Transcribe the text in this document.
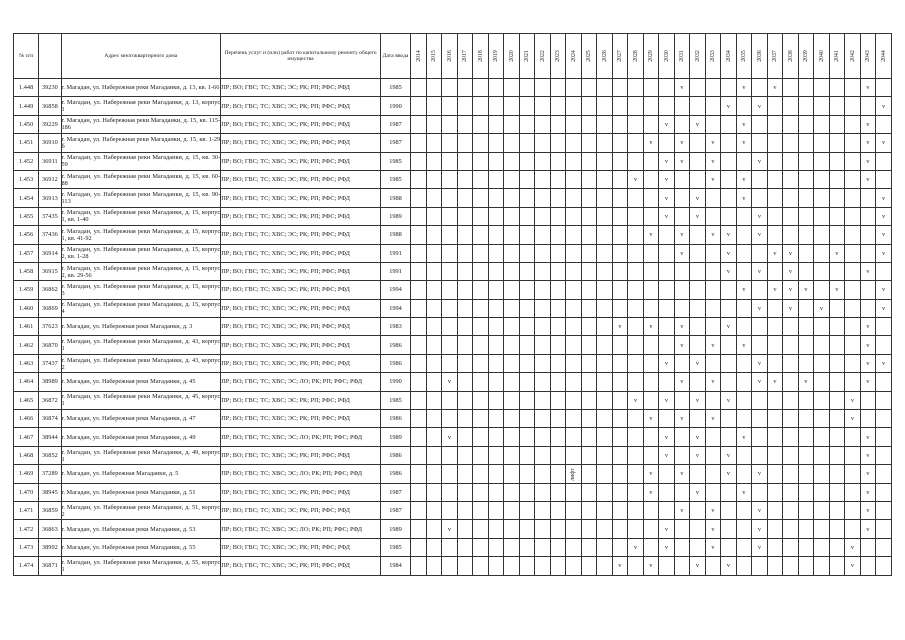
№ п/п		Адрес многоквартирного дома	Перечень услуг и (или) работ по капитальному ремонту общего имущества	Дата ввода	2014	2015	2016	2017	2018	2019	2020	2021	2022	2023	2024	2025	2026	2027	2028	2029	2030	2031	2032	2033	2034	2035	2036	2037	2038	2039	2040	2041	2042	2043	2044
1.448	39230	г. Магадан, ул. Набережная реки Магаданки, д. 13, кв. 1-66	ПР; ВО; ГВС; ТС; ХВС; ЭС; РК; РП; РФС; РФД	1985																		v				v		v						v	
1.449	36858	г. Магадан, ул. Набережная реки Магаданки, д. 13, корпус 1	ПР; ВО; ГВС; ТС; ХВС; ЭС; РК; РП; РФС; РФД	1990																					v		v								v
1.450	39229	г. Магадан, ул. Набережная реки Магаданки, д. 15, кв. 115-186	ПР; ВО; ГВС; ТС; ХВС; ЭС; РК; РП; РФС; РФД	1987																	v		v			v								v	
1.451	36910	г. Магадан, ул. Набережная реки Магаданки, д. 15, кв. 1-29 б	ПР; ВО; ГВС; ТС; ХВС; ЭС; РК; РП; РФС; РФД	1987																v		v		v		v								v	v
1.452	36911	г. Магадан, ул. Набережная реки Магаданки, д. 15, кв. 30-59	ПР; ВО; ГВС; ТС; ХВС; ЭС; РК; РП; РФС; РФД	1985																	v	v		v			v							v	
1.453	36912	г. Магадан, ул. Набережная реки Магаданки, д. 15, кв. 60-88	ПР; ВО; ГВС; ТС; ХВС; ЭС; РК; РП; РФС; РФД	1985															v		v			v		v								v	
1.454	36913	г. Магадан, ул. Набережная реки Магаданки, д. 15, кв. 90-113	ПР; ВО; ГВС; ТС; ХВС; ЭС; РК; РП; РФС; РФД	1988																	v		v			v									v
1.455	37435	г. Магадан, ул. Набережная реки Магаданки, д. 15, корпус 1, кв. 1-40	ПР; ВО; ГВС; ТС; ХВС; ЭС; РК; РП; РФС; РФД	1989																	v		v				v								v
1.456	37436	г. Магадан, ул. Набережная реки Магаданки, д. 15, корпус 1, кв. 41-92	ПР; ВО; ГВС; ТС; ХВС; ЭС; РК; РП; РФС; РФД	1988																v		v		v	v		v								v
1.457	36914	г. Магадан, ул. Набережная реки Магаданки, д. 15, корпус 2, кв. 1-28	ПР; ВО; ГВС; ТС; ХВС; ЭС; РК; РП; РФС; РФД	1991																		v			v			v	v			v			v
1.458	36915	г. Магадан, ул. Набережная реки Магаданки, д. 15, корпус 2, кв. 29-56	ПР; ВО; ГВС; ТС; ХВС; ЭС; РК; РП; РФС; РФД	1991																					v		v		v					v	
1.459	36862	г. Магадан, ул. Набережная реки Магаданки, д. 15, корпус 3	ПР; ВО; ГВС; ТС; ХВС; ЭС; РК; РП; РФС; РФД	1994																						v		v	v	v		v			v
1.460	36869	г. Магадан, ул. Набережная реки Магаданки, д. 15, корпус 4	ПР; ВО; ГВС; ТС; ХВС; ЭС; РК; РП; РФС; РФД	1994																							v		v		v				v
1.461	37623	г. Магадан, ул. Набережная реки Магаданки, д. 3	ПР; ВО; ГВС; ТС; ХВС; ЭС; РК; РП; РФС; РФД	1983														v		v		v			v									v	
1.462	36870	г. Магадан, ул. Набережная реки Магаданки, д. 43, корпус 1	ПР; ВО; ГВС; ТС; ХВС; ЭС; РК; РП; РФС; РФД	1986																		v		v		v								v	
1.463	37437	г. Магадан, ул. Набережная реки Магаданки, д. 43, корпус 2	ПР; ВО; ГВС; ТС; ХВС; ЭС; РК; РП; РФС; РФД	1986																	v		v				v							v	v
1.464	38989	г. Магадан, ул. Набережная реки Магаданки, д. 45	ПР; ВО; ГВС; ТС; ХВС; ЭС; ЛО; РК; РП; РФС; РФД	1990			v															v		v			v	v		v				v	
1.465	36872	г. Магадан, ул. Набережная реки Магаданки, д. 45, корпус 1	ПР; ВО; ГВС; ТС; ХВС; ЭС; РК; РП; РФС; РФД	1985															v		v		v		v								v		
1.466	36874	г. Магадан, ул. Набережная реки Магаданки, д. 47	ПР; ВО; ГВС; ТС; ХВС; ЭС; РК; РП; РФС; РФД	1986																v		v		v									v		
1.467	38944	г. Магадан, ул. Набережная реки Магаданки, д. 49	ПР; ВО; ГВС; ТС; ХВС; ЭС; ЛО; РК; РП; РФС; РФД	1989			v														v		v			v								v	
1.468	36852	г. Магадан, ул. Набережная реки Магаданки, д. 49, корпус 1	ПР; ВО; ГВС; ТС; ХВС; ЭС; РК; РП; РФС; РФД	1986																	v		v		v									v	
1.469	37289	г. Магадан, ул. Набережная Магаданки, д. 5	ПР; ВО; ГВС; ТС; ХВС; ЭС; ЛО; РК; РП; РФС; РФД	1986											лифт					v		v			v		v							v	
1.470	38945	г. Магадан, ул. Набережная реки Магаданки, д. 51	ПР; ВО; ГВС; ТС; ХВС; ЭС; РК; РП; РФС; РФД	1987																v			v			v								v	
1.471	36859	г. Магадан, ул. Набережная реки Магаданки, д. 51, корпус 2	ПР; ВО; ГВС; ТС; ХВС; ЭС; РК; РП; РФС; РФД	1987																		v		v			v							v	
1.472	36863	г. Магадан, ул. Набережная реки Магаданки, д. 53	ПР; ВО; ГВС; ТС; ХВС; ЭС; ЛО; РК; РП; РФС; РФД	1989			v														v			v			v							v	
1.473	38992	г. Магадан, ул. Набережная реки Магаданки, д. 55	ПР; ВО; ГВС; ТС; ХВС; ЭС; РК; РП; РФС; РФД	1985															v		v			v			v						v		
1.474	36871	г. Магадан, ул. Набережная реки Магаданки, д. 55, корпус 1	ПР; ВО; ГВС; ТС; ХВС; ЭС; РК; РП; РФС; РФД	1984														v		v			v		v								v		
